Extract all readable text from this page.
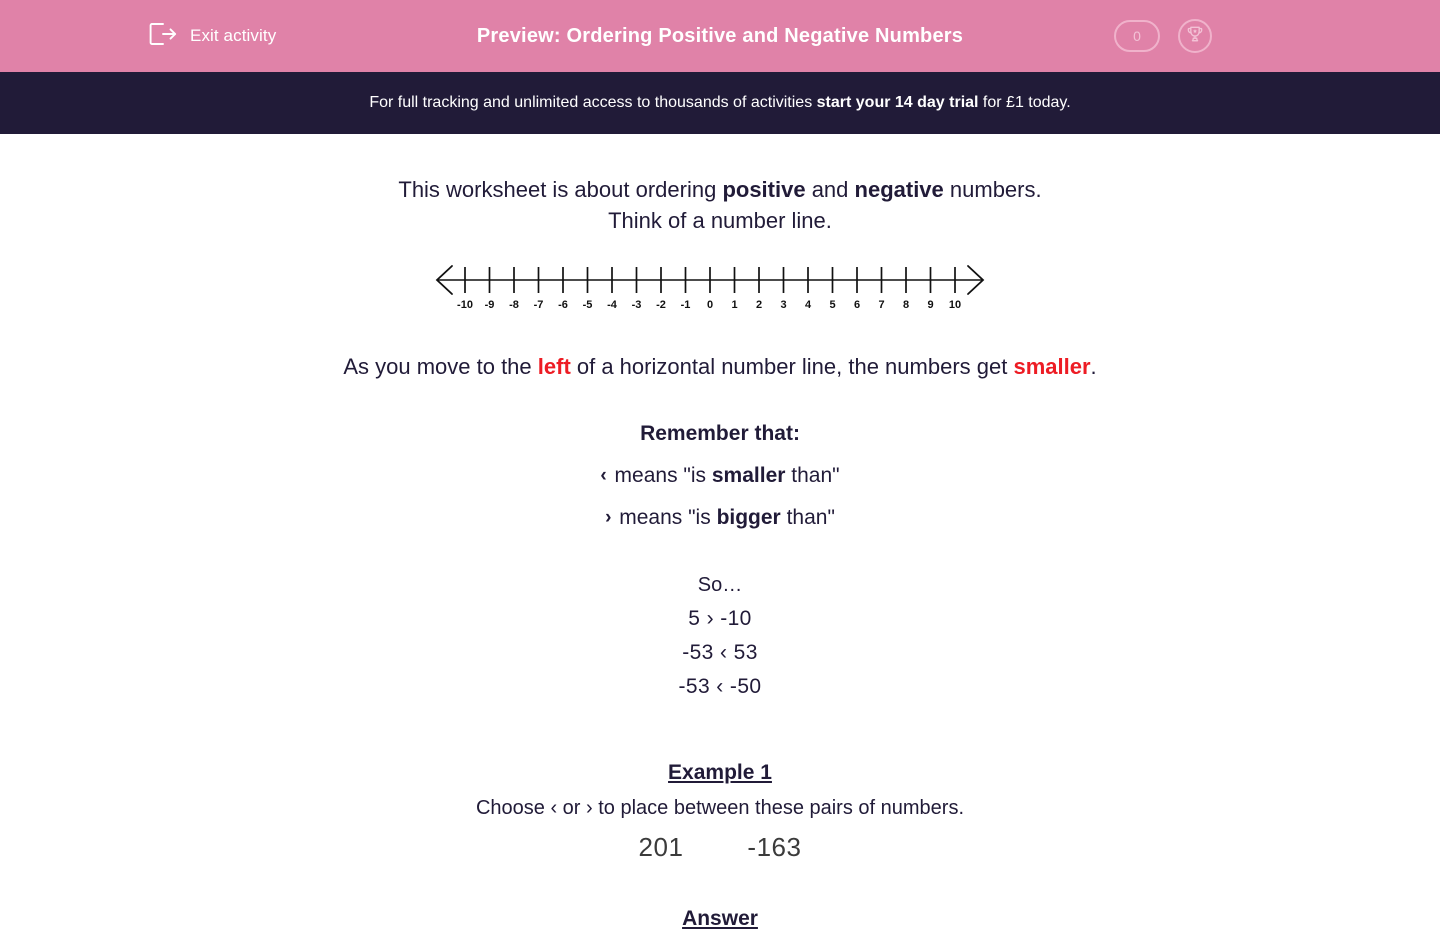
Exit activity	Preview: Ordering Positive and Negative Numbers	0
For full tracking and unlimited access to thousands of activities start your 14 day trial for £1 today.
This worksheet is about ordering positive and negative numbers.
Think of a number line.
-10 -9 -8 -7 -6 -5 -4 -3 -2 -1 0 1 2 3 4 5 6 7 8 9 10
As you move to the left of a horizontal number line, the numbers get smaller.
Remember that:
‹ means "is smaller than"
› means "is bigger than"
So…
5 › -10
-53 ‹ 53
-53 ‹ -50
Example 1
Choose ‹ or › to place between these pairs of numbers.
201 -163
Answer
